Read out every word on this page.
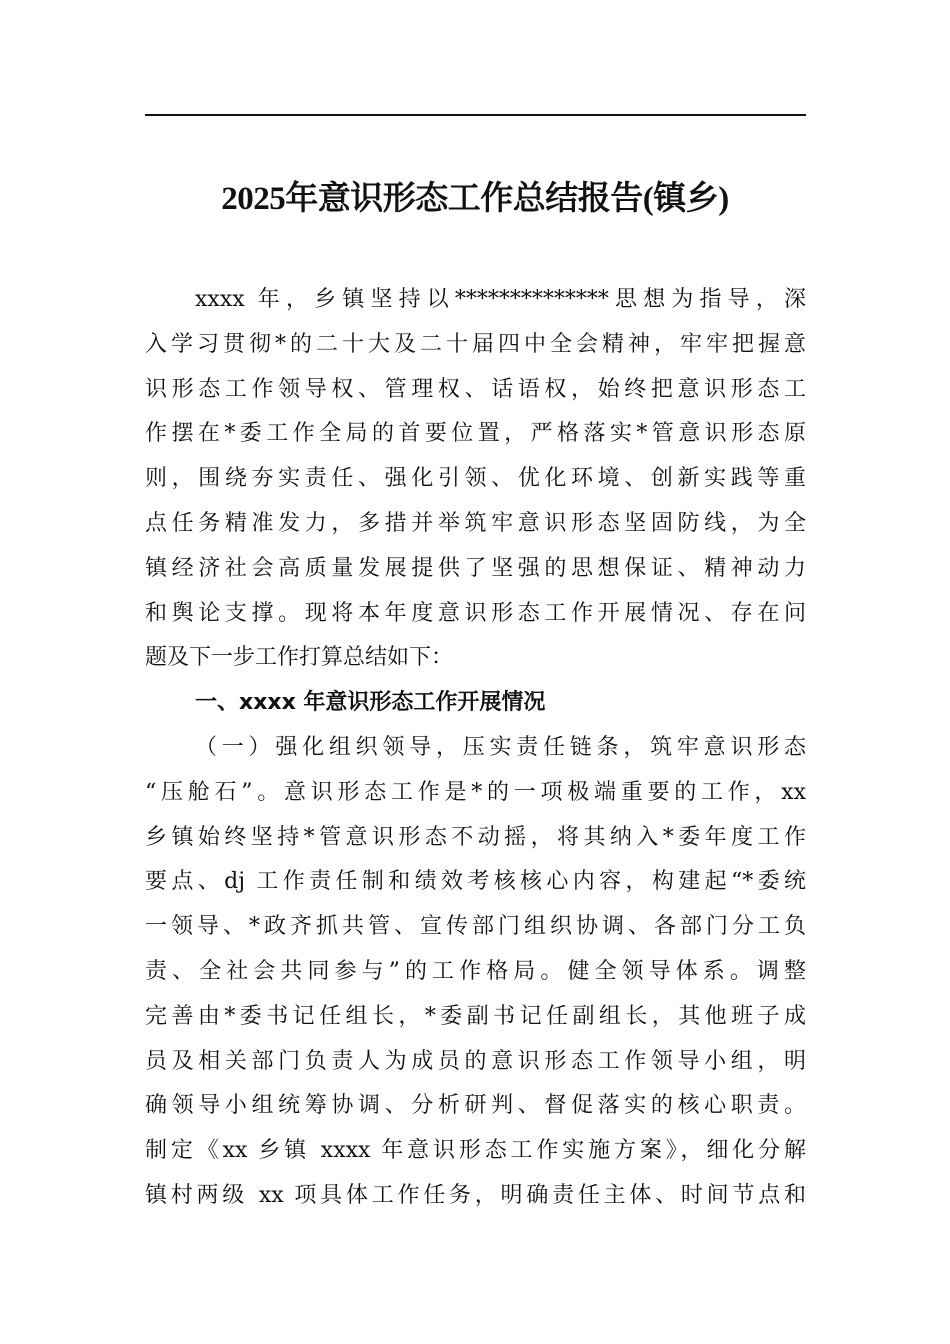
2025年意识形态工作总结报告(镇乡)
xxxx 年，乡镇坚持以**************思想为指导，深
入学习贯彻*的二十大及二十届四中全会精神，牢牢把握意
识形态工作领导权、管理权、话语权，始终把意识形态工
作摆在*委工作全局的首要位置，严格落实*管意识形态原
则，围绕夯实责任、强化引领、优化环境、创新实践等重
点任务精准发力，多措并举筑牢意识形态坚固防线，为全
镇经济社会高质量发展提供了坚强的思想保证、精神动力
和舆论支撑。现将本年度意识形态工作开展情况、存在问
题及下一步工作打算总结如下：
一、xxxx 年意识形态工作开展情况
（一）强化组织领导，压实责任链条，筑牢意识形态
“压舱石”。意识形态工作是*的一项极端重要的工作，xx
乡镇始终坚持*管意识形态不动摇，将其纳入*委年度工作
要点、dj 工作责任制和绩效考核核心内容，构建起“*委统
一领导、*政齐抓共管、宣传部门组织协调、各部门分工负
责、全社会共同参与”的工作格局。健全领导体系。调整
完善由*委书记任组长，*委副书记任副组长，其他班子成
员及相关部门负责人为成员的意识形态工作领导小组，明
确领导小组统筹协调、分析研判、督促落实的核心职责。
制定《xx 乡镇 xxxx 年意识形态工作实施方案》，细化分解
镇村两级 xx 项具体工作任务，明确责任主体、时间节点和
